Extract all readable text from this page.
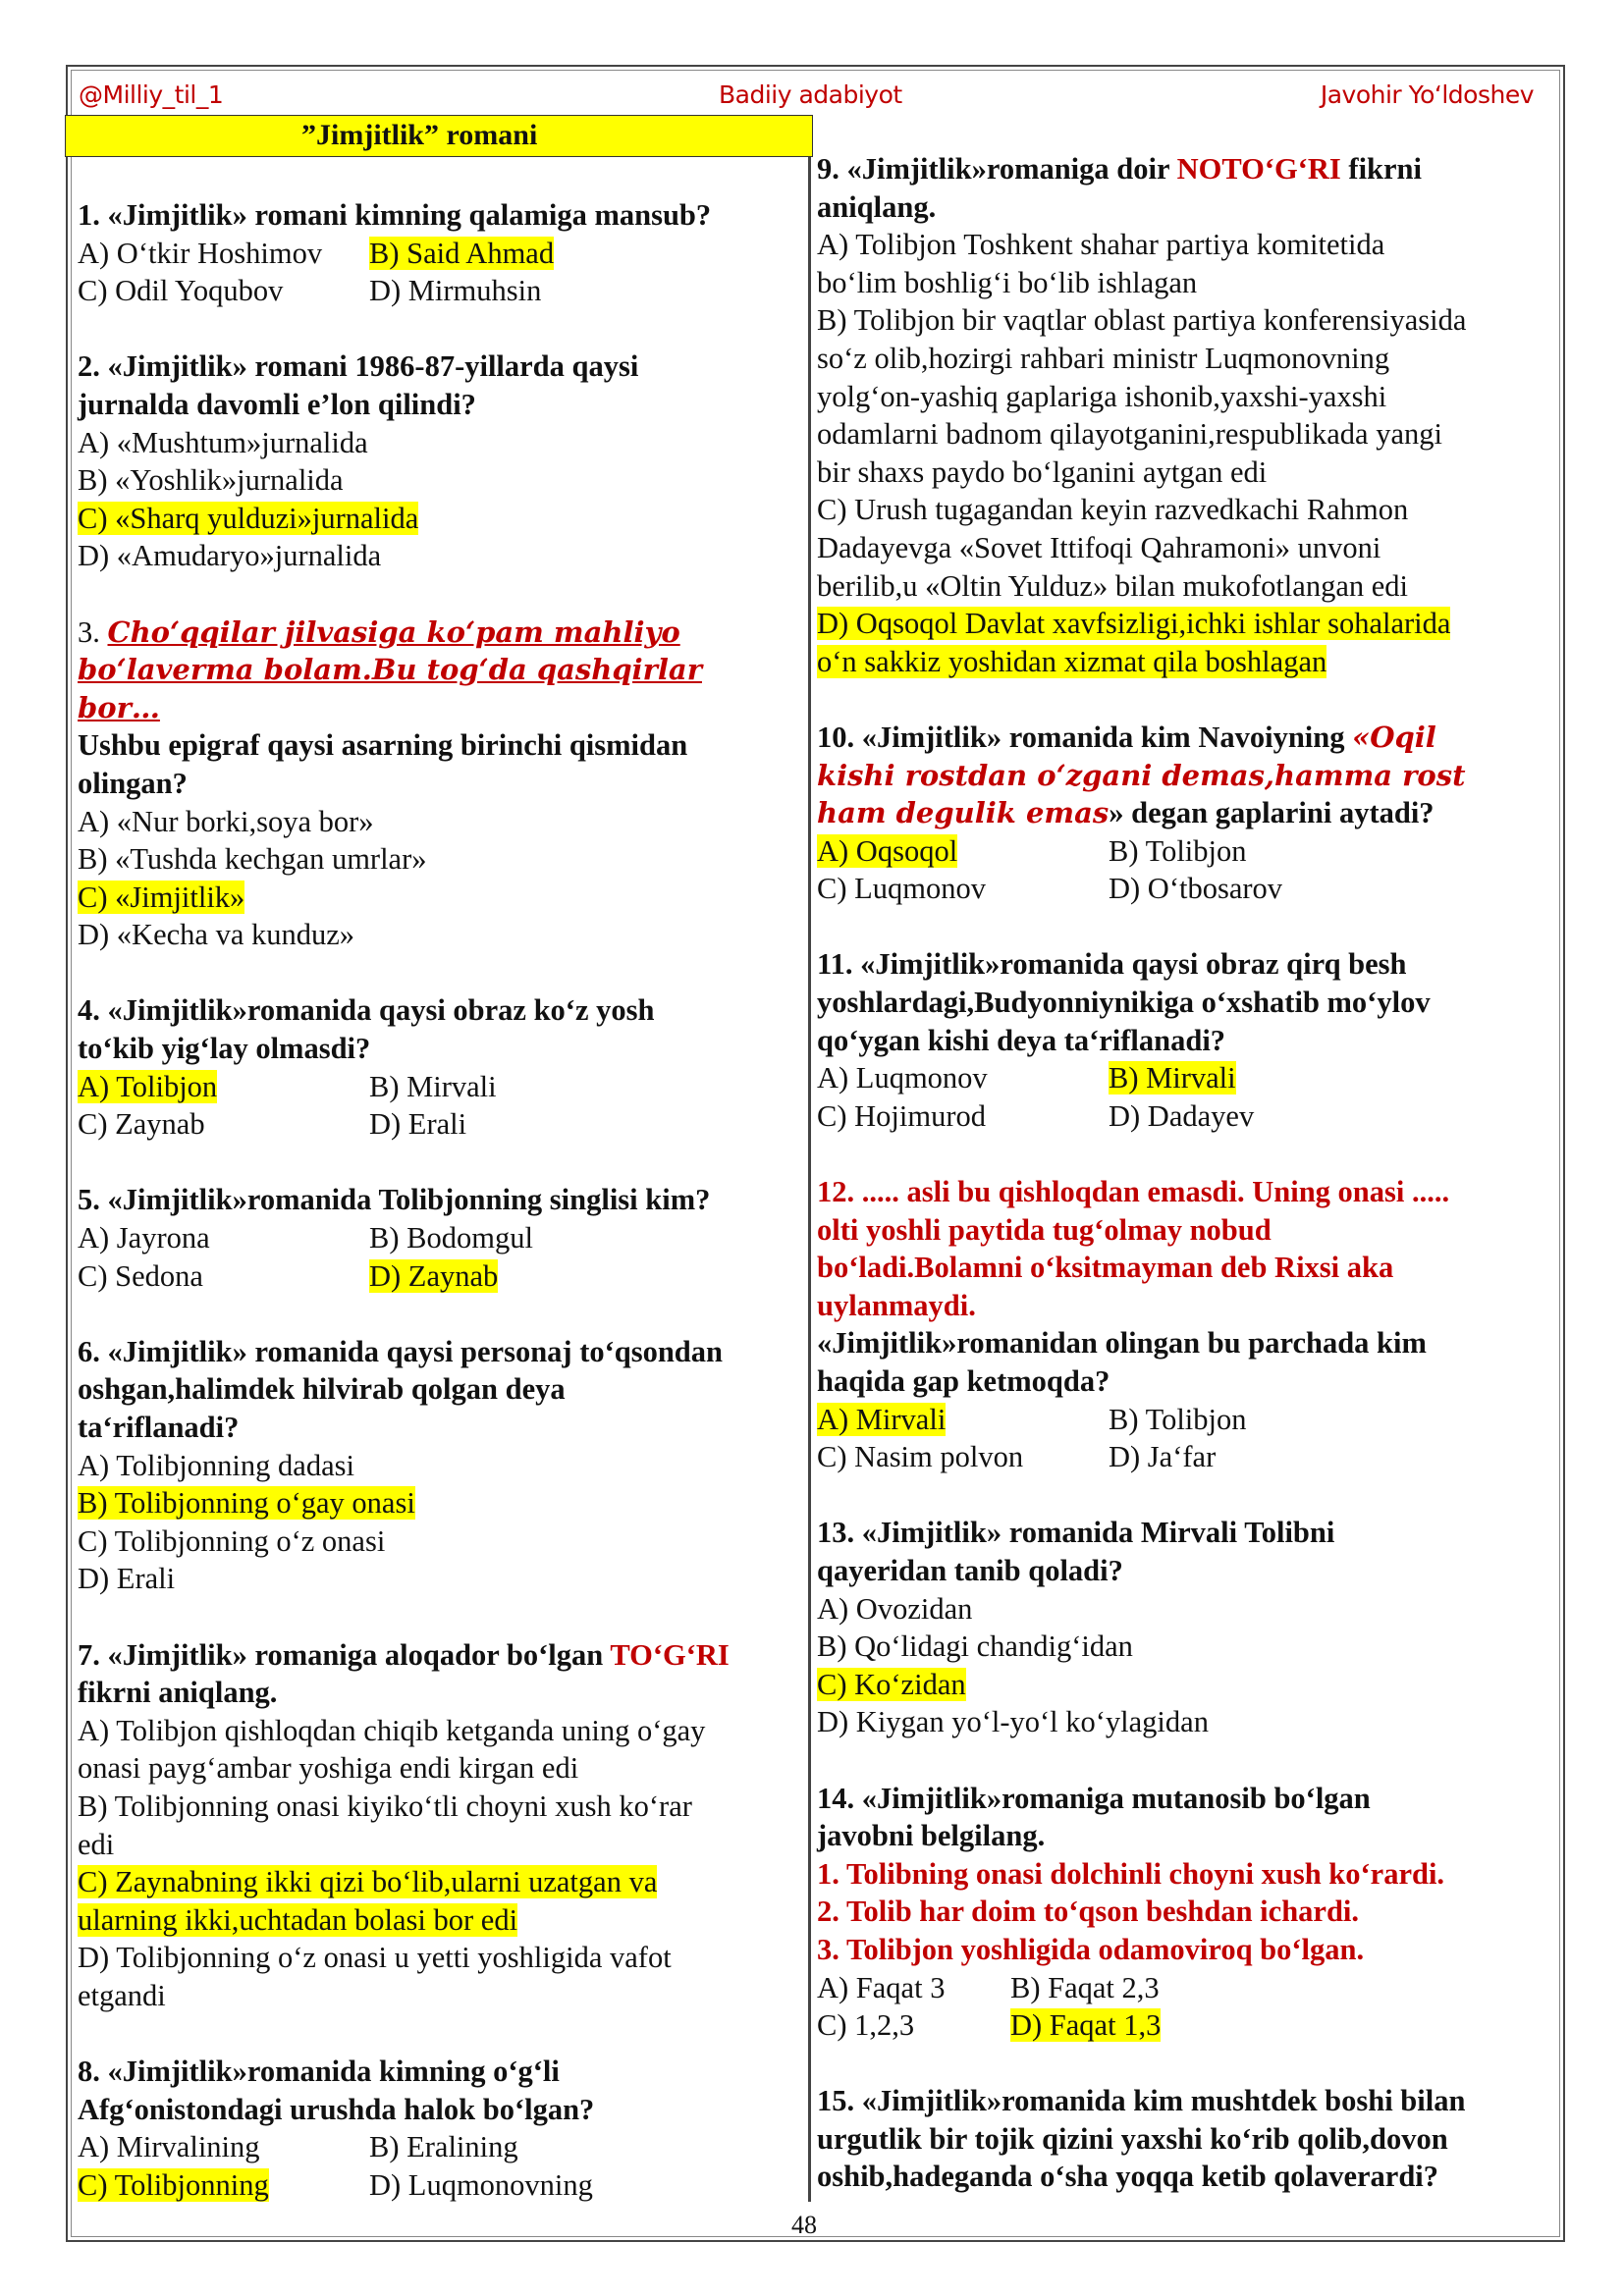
@Milliy_til_1	Badiiy adabiyot	Javohir Yo‘ldoshev
”Jimjitlik” romani
1. «Jimjitlik» romani kimning qalamiga mansub?
A) O‘tkir Hoshimov B) Said Ahmad
C) Odil Yoqubov	D) Mirmuhsin
2. «Jimjitlik» romani 1986-87-yillarda qaysi
jurnalda davomli e’lon qilindi?
A) «Mushtum»jurnalida
B) «Yoshlik»jurnalida
C) «Sharq yulduzi»jurnalida
D) «Amudaryo»jurnalida
3. Cho‘qqilar jilvasiga ko‘pam mahliyo
bo‘laverma bolam.Bu tog‘da qashqirlar
bor…
Ushbu epigraf qaysi asarning birinchi qismidan
olingan?
A) «Nur borki,soya bor»
B) «Tushda kechgan umrlar»
C) «Jimjitlik»
D) «Kecha va kunduz»
4. «Jimjitlik»romanida qaysi obraz ko‘z yosh
to‘kib yig‘lay olmasdi?
A) Tolibjon	B) Mirvali
C) Zaynab	D) Erali
5. «Jimjitlik»romanida Tolibjonning singlisi kim?
A) Jayrona	B) Bodomgul
C) Sedona	D) Zaynab
6. «Jimjitlik» romanida qaysi personaj to‘qsondan
oshgan,halimdek hilvirab qolgan deya
ta‘riflanadi?
A) Tolibjonning dadasi
B) Tolibjonning o‘gay onasi
C) Tolibjonning o‘z onasi
D) Erali
7. «Jimjitlik» romaniga aloqador bo‘lgan TO‘G‘RI
fikrni aniqlang.
A) Tolibjon qishloqdan chiqib ketganda uning o‘gay
onasi payg‘ambar yoshiga endi kirgan edi
B) Tolibjonning onasi kiyiko‘tli choyni xush ko‘rar
edi
C) Zaynabning ikki qizi bo‘lib,ularni uzatgan va
ularning ikki,uchtadan bolasi bor edi
D) Tolibjonning o‘z onasi u yetti yoshligida vafot
etgandi
8. «Jimjitlik»romanida kimning o‘g‘li
Afg‘onistondagi urushda halok bo‘lgan?
A) Mirvalining	B) Eralining
C) Tolibjonning	D) Luqmonovning
9. «Jimjitlik»romaniga doir NOTO‘G‘RI fikrni
aniqlang.
A) Tolibjon Toshkent shahar partiya komitetida
bo‘lim boshlig‘i bo‘lib ishlagan
B) Tolibjon bir vaqtlar oblast partiya konferensiyasida
so‘z olib,hozirgi rahbari ministr Luqmonovning
yolg‘on-yashiq gaplariga ishonib,yaxshi-yaxshi
odamlarni badnom qilayotganini,respublikada yangi
bir shaxs paydo bo‘lganini aytgan edi
C) Urush tugagandan keyin razvedkachi Rahmon
Dadayevga «Sovet Ittifoqi Qahramoni» unvoni
berilib,u «Oltin Yulduz» bilan mukofotlangan edi
D) Oqsoqol Davlat xavfsizligi,ichki ishlar sohalarida
o‘n sakkiz yoshidan xizmat qila boshlagan
10. «Jimjitlik» romanida kim Navoiyning «Oqil
kishi rostdan o‘zgani demas,hamma rost
ham degulik emas» degan gaplarini aytadi?
A) Oqsoqol	B) Tolibjon
C) Luqmonov	D) O‘tbosarov
11. «Jimjitlik»romanida qaysi obraz qirq besh
yoshlardagi,Budyonniynikiga o‘xshatib mo‘ylov
qo‘ygan kishi deya ta‘riflanadi?
A) Luqmonov	B) Mirvali
C) Hojimurod	D) Dadayev
12. ..... asli bu qishloqdan emasdi. Uning onasi .....
olti yoshli paytida tug‘olmay nobud
bo‘ladi.Bolamni o‘ksitmayman deb Rixsi aka
uylanmaydi.
«Jimjitlik»romanidan olingan bu parchada kim
haqida gap ketmoqda?
A) Mirvali	B) Tolibjon
C) Nasim polvon	D) Ja‘far
13. «Jimjitlik» romanida Mirvali Tolibni
qayeridan tanib qoladi?
A) Ovozidan
B) Qo‘lidagi chandig‘idan
C) Ko‘zidan
D) Kiygan yo‘l-yo‘l ko‘ylagidan
14. «Jimjitlik»romaniga mutanosib bo‘lgan
javobni belgilang.
1. Tolibning onasi dolchinli choyni xush ko‘rardi.
2. Tolib har doim to‘qson beshdan ichardi.
3. Tolibjon yoshligida odamoviroq bo‘lgan.
A) Faqat 3 B) Faqat 2,3
C) 1,2,3	D) Faqat 1,3
15. «Jimjitlik»romanida kim mushtdek boshi bilan
urgutlik bir tojik qizini yaxshi ko‘rib qolib,dovon
oshib,hadeganda o‘sha yoqqa ketib qolaverardi?
48
